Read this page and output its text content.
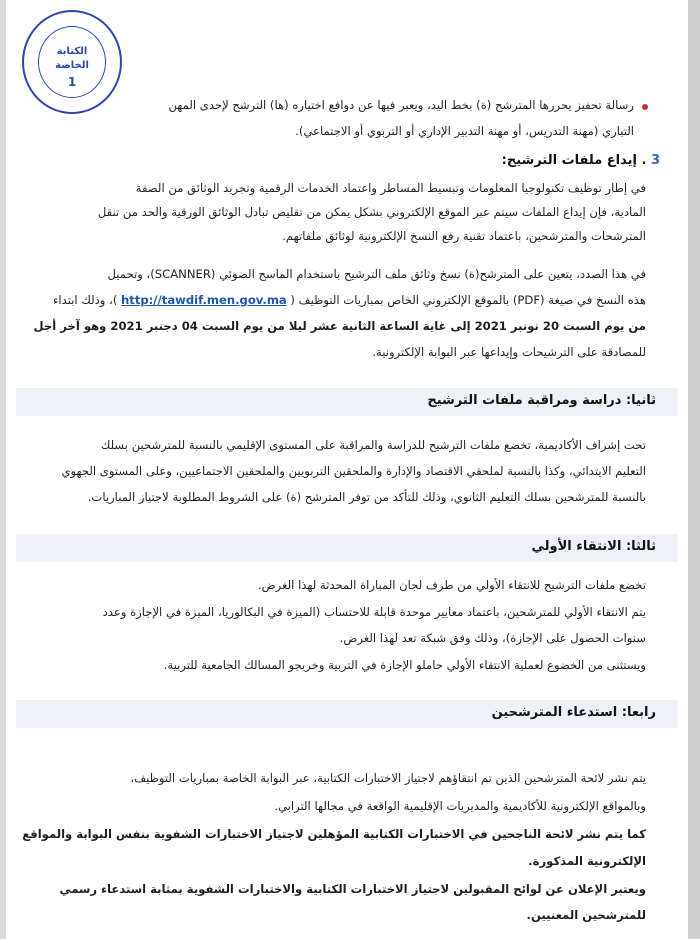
الكتابة
الخاصة
1
رسالة تحفيز يحررها المترشح (ة) بخط اليد، ويعبر فيها عن دوافع اختياره (ها) الترشح لإحدى المهن
التباري (مهنة التدريس، أو مهنة التدبير الإداري أو التربوي أو الاجتماعي).
3 . إيداع ملفات الترشيح:
في إطار توظيف تكنولوجيا المعلومات وتبسيط المساطر واعتماد الخدمات الرقمية وتجريد الوثائق من الصفة
المادية، فإن إيداع الملفات سيتم عبر الموقع الإلكتروني بشكل يمكن من تقليص تبادل الوثائق الورقية والحد من تنقل
المترشحات والمترشحين، باعتماد تقنية رفع النسخ الإلكترونية لوثائق ملفاتهم.
في هذا الصدد، يتعين على المترشح(ة) نسخ وثائق ملف الترشيح باستخدام الماسح الضوئي (SCANNER)، وتحميل
هذه النسخ في صيغة (PDF) بالموقع الإلكتروني الخاص بمباريات التوظيف ( http://tawdif.men.gov.ma )، وذلك ابتداء
من يوم السبت 20 نونبر 2021 إلى غاية الساعة الثانية عشر ليلا من يوم السبت 04 دجنبر 2021 وهو آخر أجل
للمصادقة على الترشيحات وإيداعها عبر البوابة الإلكترونية.
ثانيا: دراسة ومراقبة ملفات الترشيح
تحت إشراف الأكاديمية، تخضع ملفات الترشيح للدراسة والمراقبة على المستوى الإقليمي بالنسبة للمترشحين بسلك
التعليم الابتدائي، وكذا بالنسبة لملحقي الاقتصاد والإدارة والملحقين التربويين والملحقين الاجتماعيين، وعلى المستوى الجهوي
بالنسبة للمترشحين بسلك التعليم الثانوي، وذلك للتأكد من توفر المترشح (ة) على الشروط المطلوبة لاجتياز المباريات.
ثالثا: الانتقاء الأولي
تخضع ملفات الترشيح للانتقاء الأولي من طرف لجان المباراة المحدثة لهذا الغرض.
يتم الانتقاء الأولي للمترشحين، باعتماد معايير موحدة قابلة للاحتساب (الميزة في البكالوريا، الميزة في الإجازة وعدد
سنوات الحصول على الإجازة)، وذلك وفق شبكة تعد لهذا الغرض.
ويستثنى من الخضوع لعملية الانتقاء الأولي حاملو الإجازة في التربية وخريجو المسالك الجامعية للتربية.
رابعا: استدعاء المترشحين
يتم نشر لائحة المترشحين الذين تم انتقاؤهم لاجتياز الاختبارات الكتابية، عبر البوابة الخاصة بمباريات التوظيف،
وبالمواقع الإلكترونية للأكاديمية والمديريات الإقليمية الواقعة في مجالها الترابي.
كما يتم نشر لائحة الناجحين في الاختبارات الكتابية المؤهلين لاجتياز الاختبارات الشفوية بنفس البوابة والمواقع
الإلكترونية المذكورة.
ويعتبر الإعلان عن لوائح المقبولين لاجتياز الاختبارات الكتابية والاختبارات الشفوية بمثابة استدعاء رسمي
للمترشحين المعنيين.
